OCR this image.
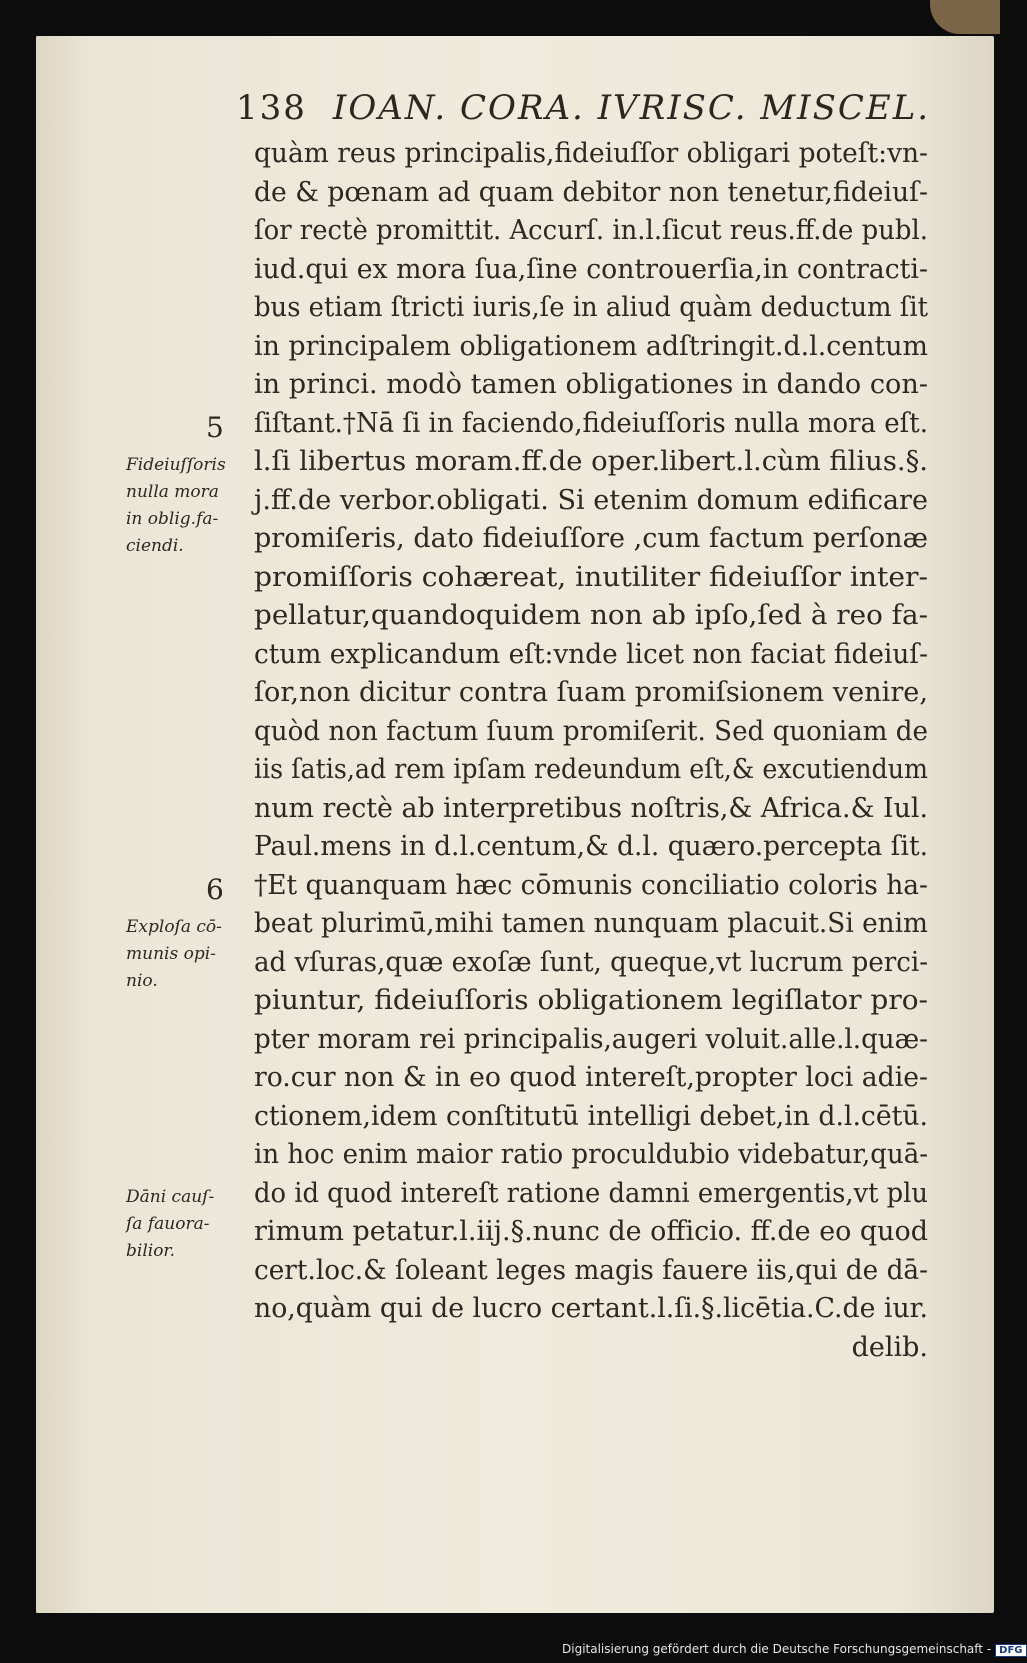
138 IOAN. CORA. IVRISC. MISCEL.
5
6
Fideiuſſoris
nulla mora
in oblig.fa-
ciendi.
Exploſa cō-
munis opi-
nio.
Dāni cauſ-
ſa fauora-
bilior.
quàm reus principalis,fideiuſſor obligari poteſt:vn-
de & pœnam ad quam debitor non tenetur,fideiuſ-
ſor rectè promittit. Accurſ. in.l.ſicut reus.ff.de publ.
iud.qui ex mora ſua,ſine controuerſia,in contracti-
bus etiam ſtricti iuris,ſe in aliud quàm deductum ſit
in principalem obligationem adſtringit.d.l.centum
in princi. modò tamen obligationes in dando con-
ſiſtant.†Nā ſi in faciendo,fideiuſſoris nulla mora eſt.
l.ſi libertus moram.ff.de oper.libert.l.cùm filius.§.
j.ff.de verbor.obligati. Si etenim domum edificare
promiſeris, dato fideiuſſore ,cum factum perſonæ
promiſſoris cohæreat, inutiliter fideiuſſor inter-
pellatur,quandoquidem non ab ipſo,ſed à reo fa-
ctum explicandum eſt:vnde licet non faciat fideiuſ-
ſor,non dicitur contra ſuam promiſsionem venire,
quòd non factum ſuum promiſerit. Sed quoniam de
iis ſatis,ad rem ipſam redeundum eſt,& excutiendum
num rectè ab interpretibus noſtris,& Africa.& Iul.
Paul.mens in d.l.centum,& d.l. quæro.percepta ſit.
†Et quanquam hæc cōmunis conciliatio coloris ha-
beat plurimū,mihi tamen nunquam placuit.Si enim
ad vſuras,quæ exoſæ ſunt, queque,vt lucrum perci-
piuntur, fideiuſſoris obligationem legiſlator pro-
pter moram rei principalis,augeri voluit.alle.l.quæ-
ro.cur non & in eo quod intereſt,propter loci adie-
ctionem,idem conſtitutū intelligi debet,in d.l.cētū.
in hoc enim maior ratio proculdubio videbatur,quā-
do id quod intereſt ratione damni emergentis,vt plu
rimum petatur.l.iij.§.nunc de officio. ff.de eo quod
cert.loc.& ſoleant leges magis fauere iis,qui de dā-
no,quàm qui de lucro certant.l.ſi.§.licētia.C.de iur.
delib.
Digitalisierung gefördert durch die Deutsche Forschungsgemeinschaft - DFG
